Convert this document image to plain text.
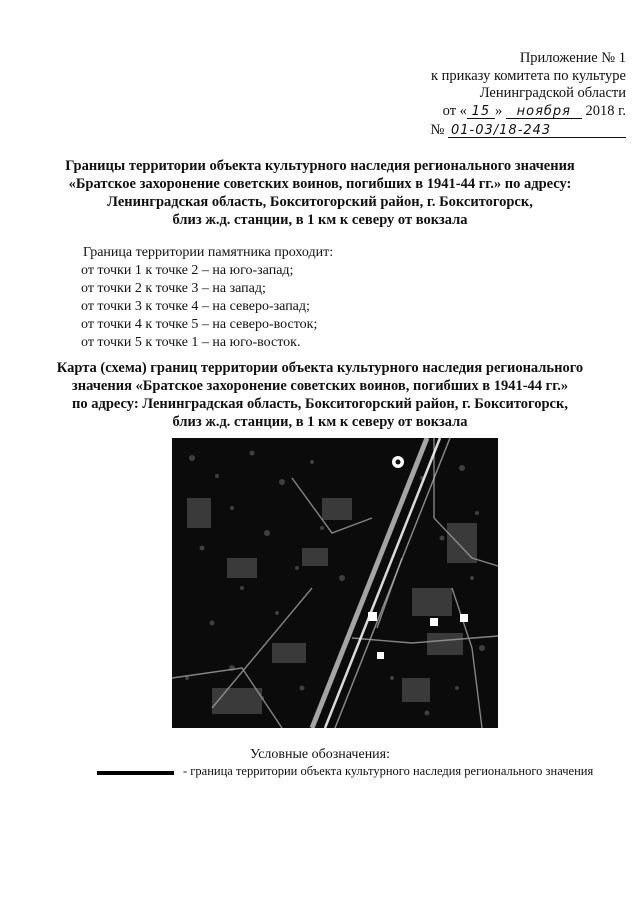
Приложение № 1
к приказу комитета по культуре
Ленинградской области
от « 15 » ноября 2018 г.
№ 01-03/18-243
Границы территории объекта культурного наследия регионального значения
«Братское захоронение советских воинов, погибших в 1941-44 гг.» по адресу:
Ленинградская область, Бокситогорский район, г. Бокситогорск,
близ ж.д. станции, в 1 км к северу от вокзала
Граница территории памятника проходит:
от точки 1 к точке 2 – на юго-запад;
от точки 2 к точке 3 – на запад;
от точки 3 к точке 4 – на северо-запад;
от точки 4 к точке 5 – на северо-восток;
от точки 5 к точке 1 – на юго-восток.
Карта (схема) границ территории объекта культурного наследия регионального
значения «Братское захоронение советских воинов, погибших в 1941-44 гг.»
по адресу: Ленинградская область, Бокситогорский район, г. Бокситогорск,
близ ж.д. станции, в 1 км к северу от вокзала
Условные обозначения:
- граница территории объекта культурного наследия регионального значения
